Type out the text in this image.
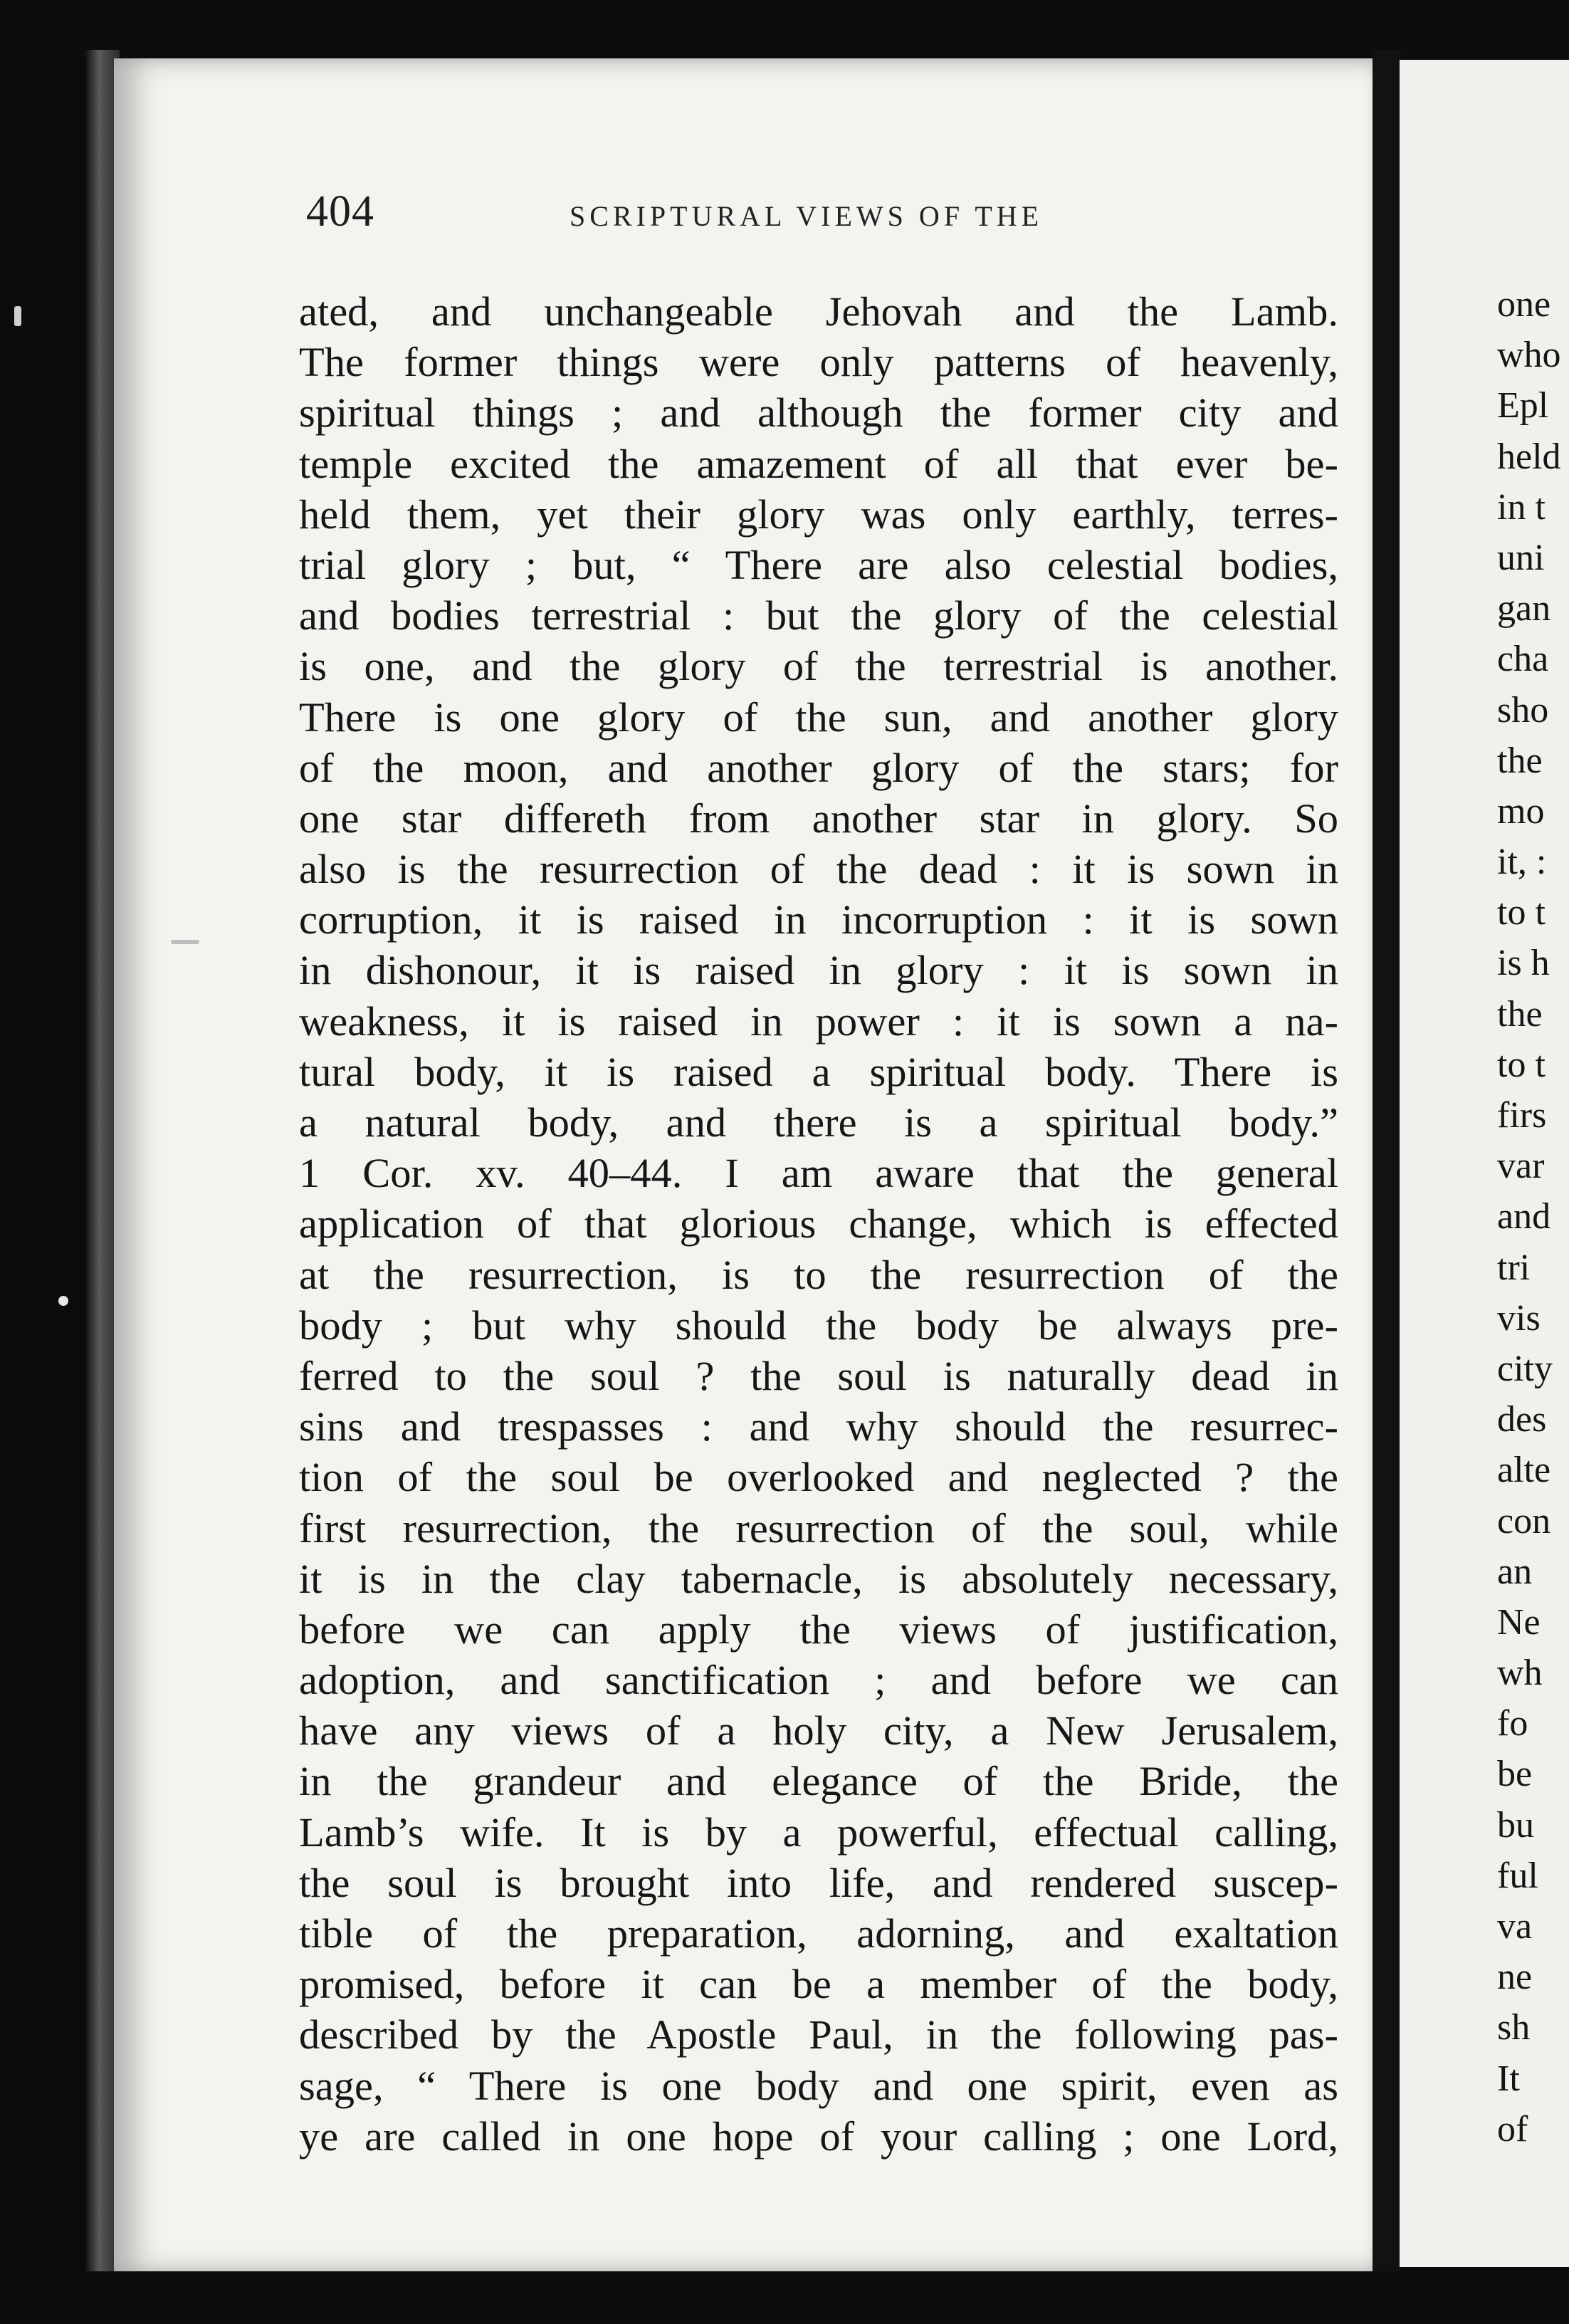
404	SCRIPTURAL VIEWS OF THE
ated, and unchangeable Jehovah and the Lamb.
The former things were only patterns of heavenly,
spiritual things ; and although the former city and
temple excited the amazement of all that ever be-
held them, yet their glory was only earthly, terres-
trial glory ; but, “ There are also celestial bodies,
and bodies terrestrial : but the glory of the celestial
is one, and the glory of the terrestrial is another.
There is one glory of the sun, and another glory
of the moon, and another glory of the stars; for
one star differeth from another star in glory. So
also is the resurrection of the dead : it is sown in
corruption, it is raised in incorruption : it is sown
in dishonour, it is raised in glory : it is sown in
weakness, it is raised in power : it is sown a na-
tural body, it is raised a spiritual body. There is
a natural body, and there is a spiritual body.”
1 Cor. xv. 40–44. I am aware that the general
application of that glorious change, which is effected
at the resurrection, is to the resurrection of the
body ; but why should the body be always pre-
ferred to the soul ? the soul is naturally dead in
sins and trespasses : and why should the resurrec-
tion of the soul be overlooked and neglected ? the
first resurrection, the resurrection of the soul, while
it is in the clay tabernacle, is absolutely necessary,
before we can apply the views of justification,
adoption, and sanctification ; and before we can
have any views of a holy city, a New Jerusalem,
in the grandeur and elegance of the Bride, the
Lamb’s wife. It is by a powerful, effectual calling,
the soul is brought into life, and rendered suscep-
tible of the preparation, adorning, and exaltation
promised, before it can be a member of the body,
described by the Apostle Paul, in the following pas-
sage, “ There is one body and one spirit, even as
ye are called in one hope of your calling ; one Lord,
one
who
Epl
held
in t
uni
gan
cha
sho
the
mo
it, :
to t
is h
the
to t
firs
var
and
tri
vis
city
des
alte
con
an
Ne
wh
fo
be
bu
ful
va
ne
sh
It
of
